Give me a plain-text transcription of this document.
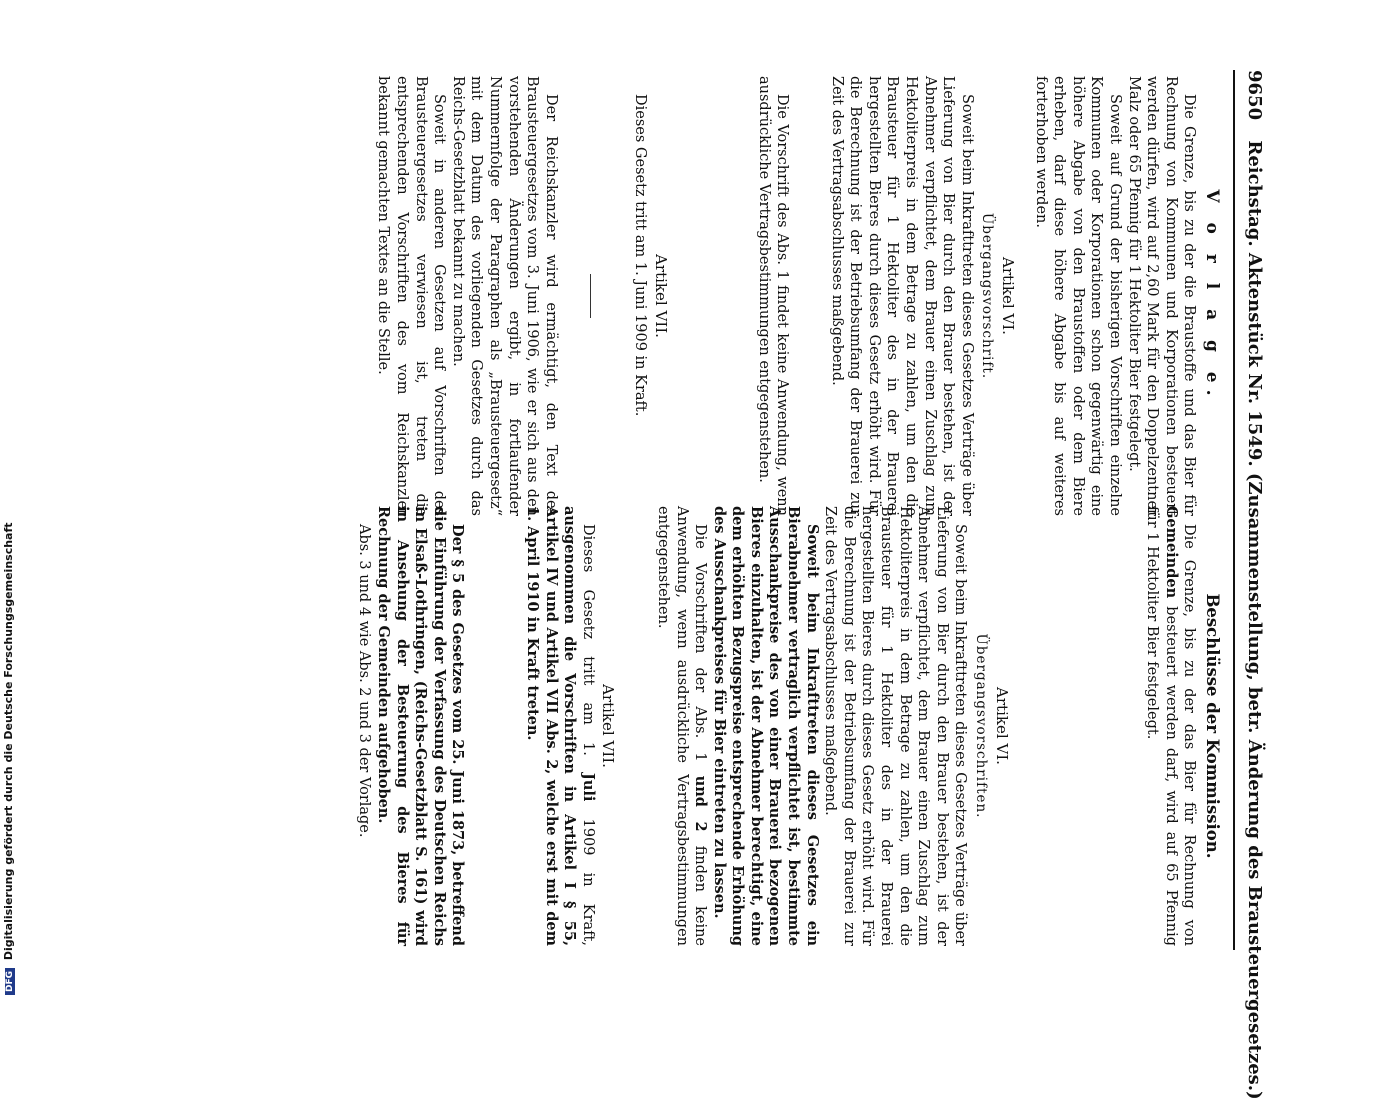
9650 Reichstag. Aktenstück Nr. 1549. (Zusammenstellung, betr. Änderung des Brausteuergesetzes.)
V o r l a g e.

Die Grenze, bis zu der die Braustoffe und das Bier für Rechnung von Kommunen und Korporationen besteuert werden dürfen, wird auf 2,60 Mark für den Doppelzentner Malz oder 65 Pfennig für 1 Hektoliter Bier festgelegt.

Soweit auf Grund der bisherigen Vorschriften einzelne Kommunen oder Korporationen schon gegenwärtig eine höhere Abgabe von den Braustoffen oder dem Biere erheben, darf diese höhere Abgabe bis auf weiteres forterhoben werden.

Artikel VI.
Übergangsvorschrift.

Soweit beim Inkrafttreten dieses Gesetzes Verträge über Lieferung von Bier durch den Brauer bestehen, ist der Abnehmer verpflichtet, dem Brauer einen Zuschlag zum Hektoliterpreis in dem Betrage zu zahlen, um den die Brausteuer für 1 Hektoliter des in der Brauerei hergestellten Bieres durch dieses Gesetz erhöht wird. Für die Berechnung ist der Betriebsumfang der Brauerei zur Zeit des Vertragsabschlusses maßgebend.

Die Vorschrift des Abs. 1 findet keine Anwendung, wenn ausdrückliche Vertragsbestimmungen entgegenstehen.

Artikel VII.

Dieses Gesetz tritt am 1. Juni 1909 in Kraft.

Der Reichskanzler wird ermächtigt, den Text des Brausteuergesetzes vom 3. Juni 1906, wie er sich aus den vorstehenden Änderungen ergibt, in fortlaufender Nummernfolge der Paragraphen als „Brausteuergesetz“ mit dem Datum des vorliegenden Gesetzes durch das Reichs-Gesetzblatt bekannt zu machen.

Soweit in anderen Gesetzen auf Vorschriften des Brausteuergesetzes verwiesen ist, treten die entsprechenden Vorschriften des vom Reichskanzler bekannt gemachten Textes an die Stelle.

Beschlüsse der Kommission.

Die Grenze, bis zu der das Bier für Rechnung von Gemeinden besteuert werden darf, wird auf 65 Pfennig für 1 Hektoliter Bier festgelegt.

Artikel VI.
Übergangsvorschriften.

Soweit beim Inkrafttreten dieses Gesetzes Verträge über Lieferung von Bier durch den Brauer bestehen, ist der Abnehmer verpflichtet, dem Brauer einen Zuschlag zum Hektoliterpreis in dem Betrage zu zahlen, um den die Brausteuer für 1 Hektoliter des in der Brauerei hergestellten Bieres durch dieses Gesetz erhöht wird. Für die Berechnung ist der Betriebsumfang der Brauerei zur Zeit des Vertragsabschlusses maßgebend.

Soweit beim Inkrafttreten dieses Gesetzes ein Bierabnehmer vertraglich verpflichtet ist, bestimmte Ausschankpreise des von einer Brauerei bezogenen Bieres einzuhalten, ist der Abnehmer berechtigt, eine dem erhöhten Bezugspreise entsprechende Erhöhung des Ausschankpreises für Bier eintreten zu lassen.

Die Vorschriften der Abs. 1 und 2 finden keine Anwendung, wenn ausdrückliche Vertragsbestimmungen entgegenstehen.

Artikel VII.

Dieses Gesetz tritt am 1. Juli 1909 in Kraft, ausgenommen die Vorschriften in Artikel I § 55, Artikel IV und Artikel VII Abs. 2, welche erst mit dem 1. April 1910 in Kraft treten.

Der § 5 des Gesetzes vom 25. Juni 1873, betreffend die Einführung der Verfassung des Deutschen Reichs in Elsaß-Lothringen, (Reichs-Gesetzblatt S. 161) wird in Ansehung der Besteuerung des Bieres für Rechnung der Gemeinden aufgehoben.

Abs. 3 und 4 wie Abs. 2 und 3 der Vorlage.

DFG Digitalisierung gefördert durch die Deutsche Forschungsgemeinschaft
